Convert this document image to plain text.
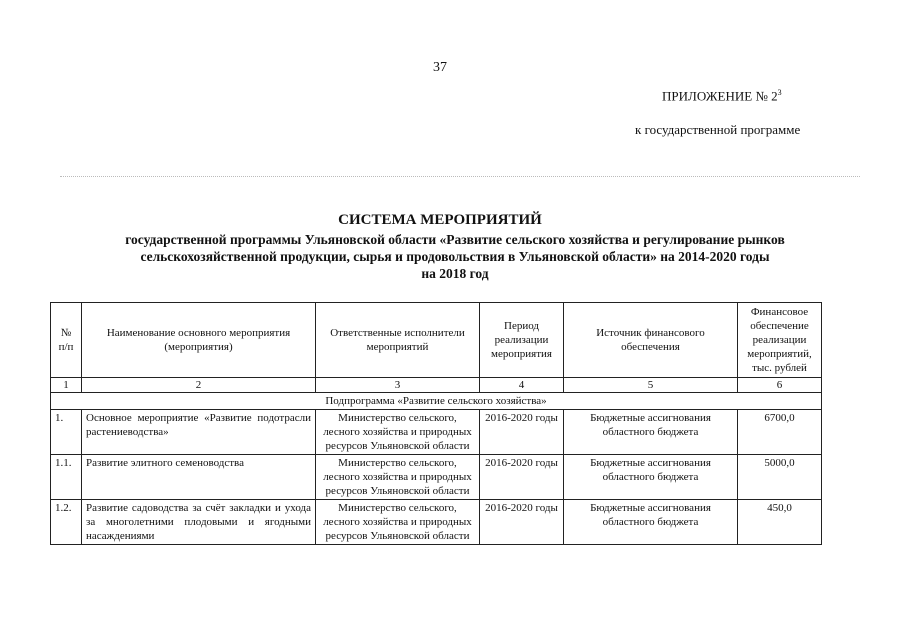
37
ПРИЛОЖЕНИЕ № $2^3$
к государственной программе
СИСТЕМА МЕРОПРИЯТИЙ
государственной программы Ульяновской области «Развитие сельского хозяйства и регулирование рынков
сельскохозяйственной продукции, сырья и продовольствия в Ульяновской области» на 2014-2020 годы
на 2018 год
№ п/п	Наименование основного мероприятия (мероприятия)	Ответственные исполнители мероприятий	Период реализации мероприятия	Источник финансового обеспечения	Финансовое обеспечение реализации мероприятий, тыс. рублей
1	2	3	4	5	6
Подпрограмма «Развитие сельского хозяйства»					
1.	Основное мероприятие «Развитие подотрасли растениеводства»	Министерство сельского, лесного хозяйства и природных ресурсов Ульяновской области	2016-2020 годы	Бюджетные ассигнования областного бюджета	6700,0
1.1.	Развитие элитного семеноводства	Министерство сельского, лесного хозяйства и природных ресурсов Ульяновской области	2016-2020 годы	Бюджетные ассигнования областного бюджета	5000,0
1.2.	Развитие садоводства за счёт закладки и ухода за многолетними плодовыми и ягодными насаждениями	Министерство сельского, лесного хозяйства и природных ресурсов Ульяновской области	2016-2020 годы	Бюджетные ассигнования областного бюджета	450,0
